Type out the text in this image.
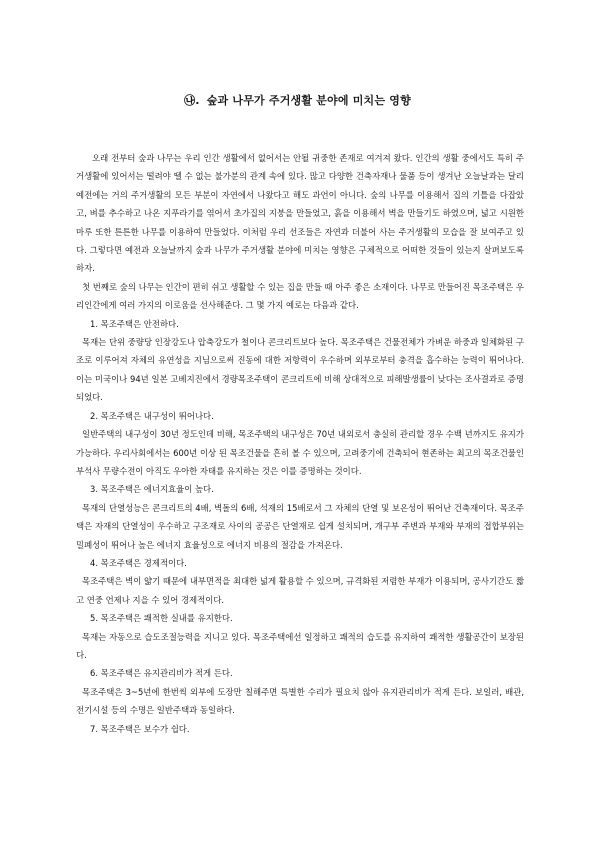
㉯. 숲과 나무가 주거생활 분야에 미치는 영향

오래 전부터 숲과 나무는 우리 인간 생활에서 없어서는 안될 귀중한 존재로 여겨져 왔다. 인간의 생활 중에서도 특히 주거생활에 있어서는 떨려야 뗄 수 없는 불가분의 관계 속에 있다. 많고 다양한 건축자재나 물품 등이 생겨난 오늘날과는 달리 예전에는 거의 주거생활의 모든 부분이 자연에서 나왔다고 해도 과언이 아니다. 숲의 나무를 이용해서 집의 기틀을 다잡았고, 벼를 추수하고 나온 지푸라기를 엮어서 초가집의 지붕을 만들었고, 흙을 이용해서 벽을 만들기도 하였으며, 넓고 시원한 마루 또한 튼튼한 나무를 이용하여 만들었다. 이처럼 우리 선조들은 자연과 더불어 사는 주거생활의 모습을 잘 보여주고 있다. 그렇다면 예전과 오늘날까지 숲과 나무가 주거생활 분야에 미치는 영향은 구체적으로 어떠한 것들이 있는지 살펴보도록 하자.

첫 번째로 숲의 나무는 인간이 편히 쉬고 생활할 수 있는 집을 만들 때 아주 좋은 소재이다. 나무로 만들어진 목조주택은 우리인간에게 여러 가지의 이로움을 선사해준다. 그 몇 가지 예로는 다음과 같다.

1. 목조주택은 안전하다.

목재는 단위 중량당 인장강도나 압축강도가 철이나 콘크리트보다 높다. 목조주택은 건물전체가 가벼운 하중과 일체화된 구조로 이루어져 자체의 유연성을 지님으로써 진동에 대한 저항력이 우수하며 외부로부터 충격을 흡수하는 능력이 뛰어나다. 이는 미국이나 94년 일본 고베지진에서 경량목조주택이 콘크리트에 비해 상대적으로 피해발생률이 낮다는 조사결과로 증명되었다.

2. 목조주택은 내구성이 뛰어나다.

일반주택의 내구성이 30년 정도인데 비해, 목조주택의 내구성은 70년 내외로서 충실히 관리할 경우 수백 년까지도 유지가 가능하다. 우리사회에서는 600년 이상 된 목조건물을 흔히 볼 수 있으며, 고려중기에 건축되어 현존하는 최고의 목조건물인 부석사 무량수전이 아직도 우아한 자태를 유지하는 것은 이를 증명하는 것이다.

3. 목조주택은 에너지효율이 높다.

목재의 단열성능은 콘크리트의 4배, 벽돌의 6배, 석재의 15배로서 그 자체의 단열 및 보온성이 뛰어난 건축재이다. 목조주택은 자재의 단열성이 우수하고 구조재로 사이의 공공은 단열재로 쉽게 설치되며, 개구부 주변과 부재와 부재의 접합부위는 밀폐성이 뛰어나 높은 에너지 효율성으로 에너지 비용의 절감을 가져온다.

4. 목조주택은 경제적이다.

목조주택은 벽이 얇기 때문에 내부면적을 최대한 넓게 활용할 수 있으며, 규격화된 저렴한 부재가 이용되며, 공사기간도 짧고 연중 언제나 지을 수 있어 경제적이다.

5. 목조주택은 쾌적한 실내를 유지한다.

목재는 자동으로 습도조절능력을 지니고 있다. 목조주택에선 일정하고 쾌적의 습도를 유지하여 쾌적한 생활공간이 보장된다.

6. 목조주택은 유지관리비가 적게 든다.

목조주택은 3~5년에 한번씩 외부에 도장만 칠해주면 특별한 수리가 필요치 않아 유지관리비가 적게 든다. 보일러, 배관, 전기시설 등의 수명은 일반주택과 동일하다.

7. 목조주택은 보수가 쉽다.
